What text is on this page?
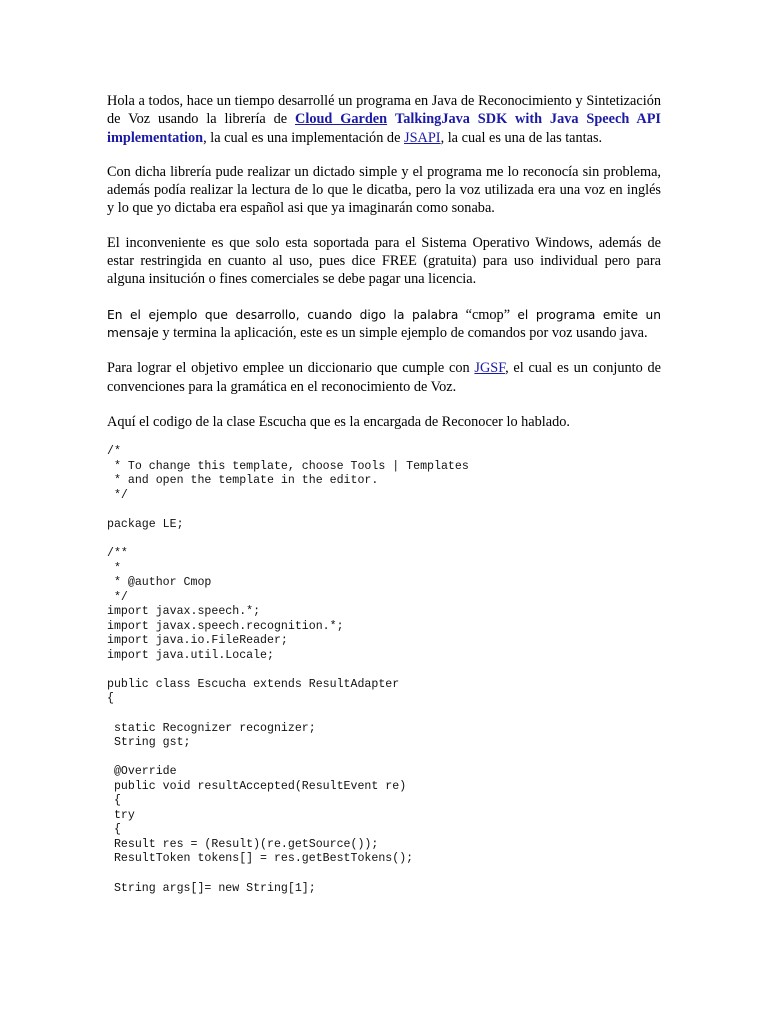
Hola a todos, hace un tiempo desarrollé un programa en Java de Reconocimiento y Sintetización de Voz usando la librería de Cloud Garden TalkingJava SDK with Java Speech API implementation, la cual es una implementación de JSAPI, la cual es una de las tantas.

Con dicha librería pude realizar un dictado simple y el programa me lo reconocía sin problema, además podía realizar la lectura de lo que le dicatba, pero la voz utilizada era una voz en inglés y lo que yo dictaba era español asi que ya imaginarán como sonaba.

El inconveniente es que solo esta soportada para el Sistema Operativo Windows, además de estar restringida en cuanto al uso, pues dice FREE (gratuita) para uso individual pero para alguna insitución o fines comerciales se debe pagar una licencia.

En el ejemplo que desarrollo, cuando digo la palabra “cmop” el programa emite un mensaje y termina la aplicación, este es un simple ejemplo de comandos por voz usando java.

Para lograr el objetivo emplee un diccionario que cumple con JGSF, el cual es un conjunto de convenciones para la gramática en el reconocimiento de Voz.

Aquí el codigo de la clase Escucha que es la encargada de Reconocer lo hablado.

/*
* To change this template, choose Tools | Templates
* and open the template in the editor.
*/

package LE;

/**
*
* @author Cmop
*/
import javax.speech.*;
import javax.speech.recognition.*;
import java.io.FileReader;
import java.util.Locale;

public class Escucha extends ResultAdapter
{

static Recognizer recognizer;
String gst;

@Override
public void resultAccepted(ResultEvent re)
{
try
{
Result res = (Result)(re.getSource());
ResultToken tokens[] = res.getBestTokens();

String args[]= new String[1];
